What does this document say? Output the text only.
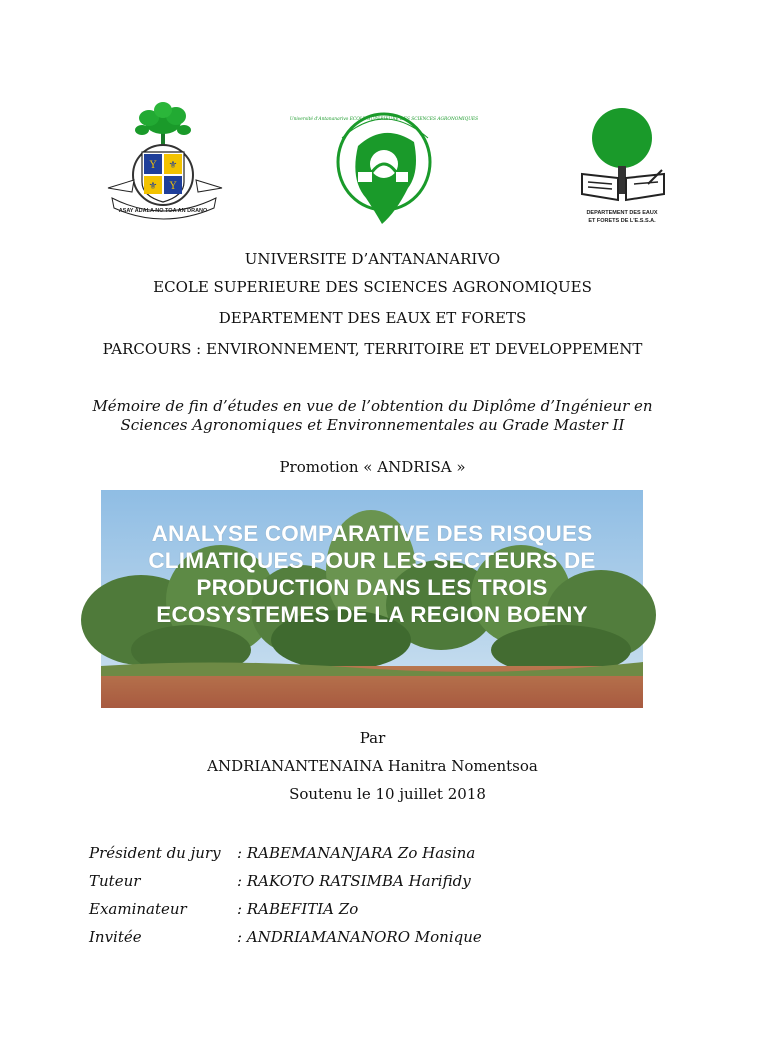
Y ⚜
⚜ Y
ASAY ADALA NO TOA AN DRANO
Université d'Antananarivo ECOLE SUPERIEURE DES SCIENCES AGRONOMIQUES
DEPARTEMENT DES EAUX
ET FORETS DE L'E.S.S.A.
UNIVERSITE D’ANTANANARIVO
ECOLE SUPERIEURE DES SCIENCES AGRONOMIQUES
DEPARTEMENT DES EAUX ET FORETS
PARCOURS : ENVIRONNEMENT, TERRITOIRE ET DEVELOPPEMENT
Mémoire de fin d’études en vue de l’obtention du Diplôme d’Ingénieur en
Sciences Agronomiques et Environnementales au Grade Master II
Promotion « ANDRISA »
ANALYSE COMPARATIVE DES RISQUES
CLIMATIQUES POUR LES SECTEURS DE
PRODUCTION DANS LES TROIS
ECOSYSTEMES DE LA REGION BOENY
Par
ANDRIANANTENAINA Hanitra Nomentsoa
Soutenu le 10 juillet 2018
Président du jury : RABEMANANJARA Zo Hasina
Tuteur	: RAKOTO RATSIMBA Harifidy
Examinateur	: RABEFITIA Zo
Invitée	: ANDRIAMANANORO Monique
